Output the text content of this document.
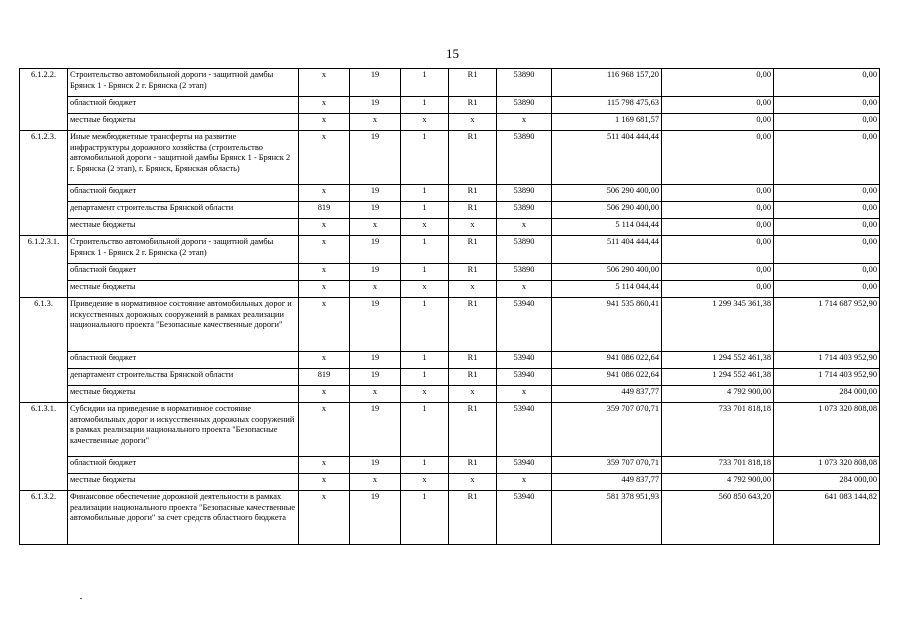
15
6.1.2.2.	Строительство автомобильной дороги - защитной дамбы Брянск 1 - Брянск 2 г. Брянска (2 этап)	х	19	1	R1	53890	116 968 157,20	0,00	0,00
	областной бюджет	х	19	1	R1	53890	115 798 475,63	0,00	0,00
	местные бюджеты	х	х	х	х	х	1 169 681,57	0,00	0,00
6.1.2.3.	Иные межбюджетные трансферты на развитие инфраструктуры дорожного хозяйства (строительство автомобильной дороги - защитной дамбы Брянск 1 - Брянск 2 г. Брянска (2 этап), г. Брянск, Брянская область)	х	19	1	R1	53890	511 404 444,44	0,00	0,00
	областной бюджет	х	19	1	R1	53890	506 290 400,00	0,00	0,00
	департамент строительства Брянской области	819	19	1	R1	53890	506 290 400,00	0,00	0,00
	местные бюджеты	х	х	х	х	х	5 114 044,44	0,00	0,00
6.1.2.3.1.	Строительство автомобильной дороги - защитной дамбы Брянск 1 - Брянск 2 г. Брянска (2 этап)	х	19	1	R1	53890	511 404 444,44	0,00	0,00
	областной бюджет	х	19	1	R1	53890	506 290 400,00	0,00	0,00
	местные бюджеты	х	х	х	х	х	5 114 044,44	0,00	0,00
6.1.3.	Приведение в нормативное состояние автомобильных дорог и искусственных дорожных сооружений в рамках реализации национального проекта "Безопасные качественные дороги"	х	19	1	R1	53940	941 535 860,41	1 299 345 361,38	1 714 687 952,90
	областной бюджет	х	19	1	R1	53940	941 086 022,64	1 294 552 461,38	1 714 403 952,90
	департамент строительства Брянской области	819	19	1	R1	53940	941 086 022,64	1 294 552 461,38	1 714 403 952,90
	местные бюджеты	х	х	х	х	х	449 837,77	4 792 900,00	284 000,00
6.1.3.1.	Субсидии на приведение в нормативное состояние автомобильных дорог и искусственных дорожных сооружений в рамках реализации национального проекта "Безопасные качественные дороги"	х	19	1	R1	53940	359 707 070,71	733 701 818,18	1 073 320 808,08
	областной бюджет	х	19	1	R1	53940	359 707 070,71	733 701 818,18	1 073 320 808,08
	местные бюджеты	х	х	х	х	х	449 837,77	4 792 900,00	284 000,00
6.1.3.2.	Финансовое обеспечение дорожной деятельности в рамках реализации национального проекта "Безопасные качественные автомобильные дороги" за счет средств областного бюджета	х	19	1	R1	53940	581 378 951,93	560 850 643,20	641 083 144,82
